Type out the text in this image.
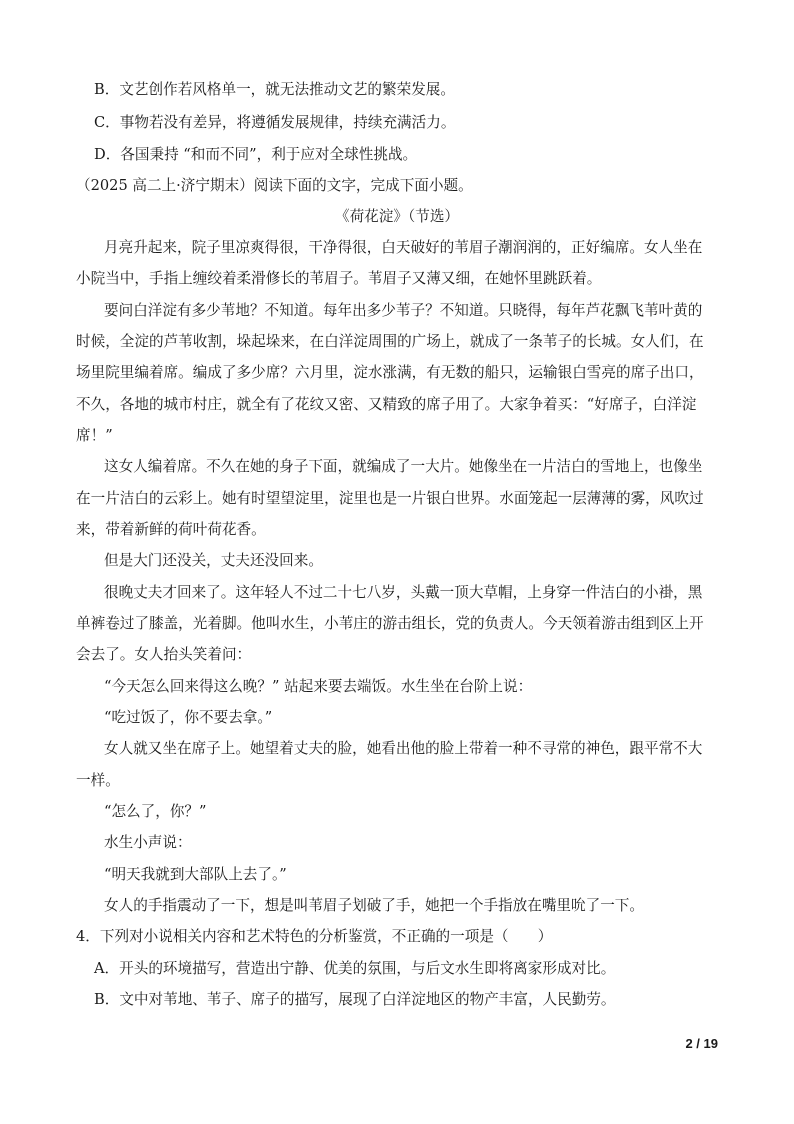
B．文艺创作若风格单一，就无法推动文艺的繁荣发展。
C．事物若没有差异，将遵循发展规律，持续充满活力。
D．各国秉持 “和而不同”，利于应对全球性挑战。
（2025 高二上·济宁期末）阅读下面的文字，完成下面小题。
《荷花淀》（节选）
月亮升起来，院子里凉爽得很，干净得很，白天破好的苇眉子潮润润的，正好编席。女人坐在
小院当中，手指上缠绞着柔滑修长的苇眉子。苇眉子又薄又细，在她怀里跳跃着。
要问白洋淀有多少苇地？不知道。每年出多少苇子？不知道。只晓得，每年芦花飘飞苇叶黄的
时候，全淀的芦苇收割，垛起垛来，在白洋淀周围的广场上，就成了一条苇子的长城。女人们，在
场里院里编着席。编成了多少席？六月里，淀水涨满，有无数的船只，运输银白雪亮的席子出口，
不久，各地的城市村庄，就全有了花纹又密、又精致的席子用了。大家争着买：“好席子，白洋淀
席！”
这女人编着席。不久在她的身子下面，就编成了一大片。她像坐在一片洁白的雪地上，也像坐
在一片洁白的云彩上。她有时望望淀里，淀里也是一片银白世界。水面笼起一层薄薄的雾，风吹过
来，带着新鲜的荷叶荷花香。
但是大门还没关，丈夫还没回来。
很晚丈夫才回来了。这年轻人不过二十七八岁，头戴一顶大草帽，上身穿一件洁白的小褂，黑
单裤卷过了膝盖，光着脚。他叫水生，小苇庄的游击组长，党的负责人。今天领着游击组到区上开
会去了。女人抬头笑着问：
“今天怎么回来得这么晚？” 站起来要去端饭。水生坐在台阶上说：
“吃过饭了，你不要去拿。”
女人就又坐在席子上。她望着丈夫的脸，她看出他的脸上带着一种不寻常的神色，跟平常不大
一样。
“怎么了，你？”
水生小声说：
“明天我就到大部队上去了。”
女人的手指震动了一下，想是叫苇眉子划破了手，她把一个手指放在嘴里吮了一下。
4．下列对小说相关内容和艺术特色的分析鉴赏，不正确的一项是（　　）
A．开头的环境描写，营造出宁静、优美的氛围，与后文水生即将离家形成对比。
B．文中对苇地、苇子、席子的描写，展现了白洋淀地区的物产丰富，人民勤劳。
2 / 19
